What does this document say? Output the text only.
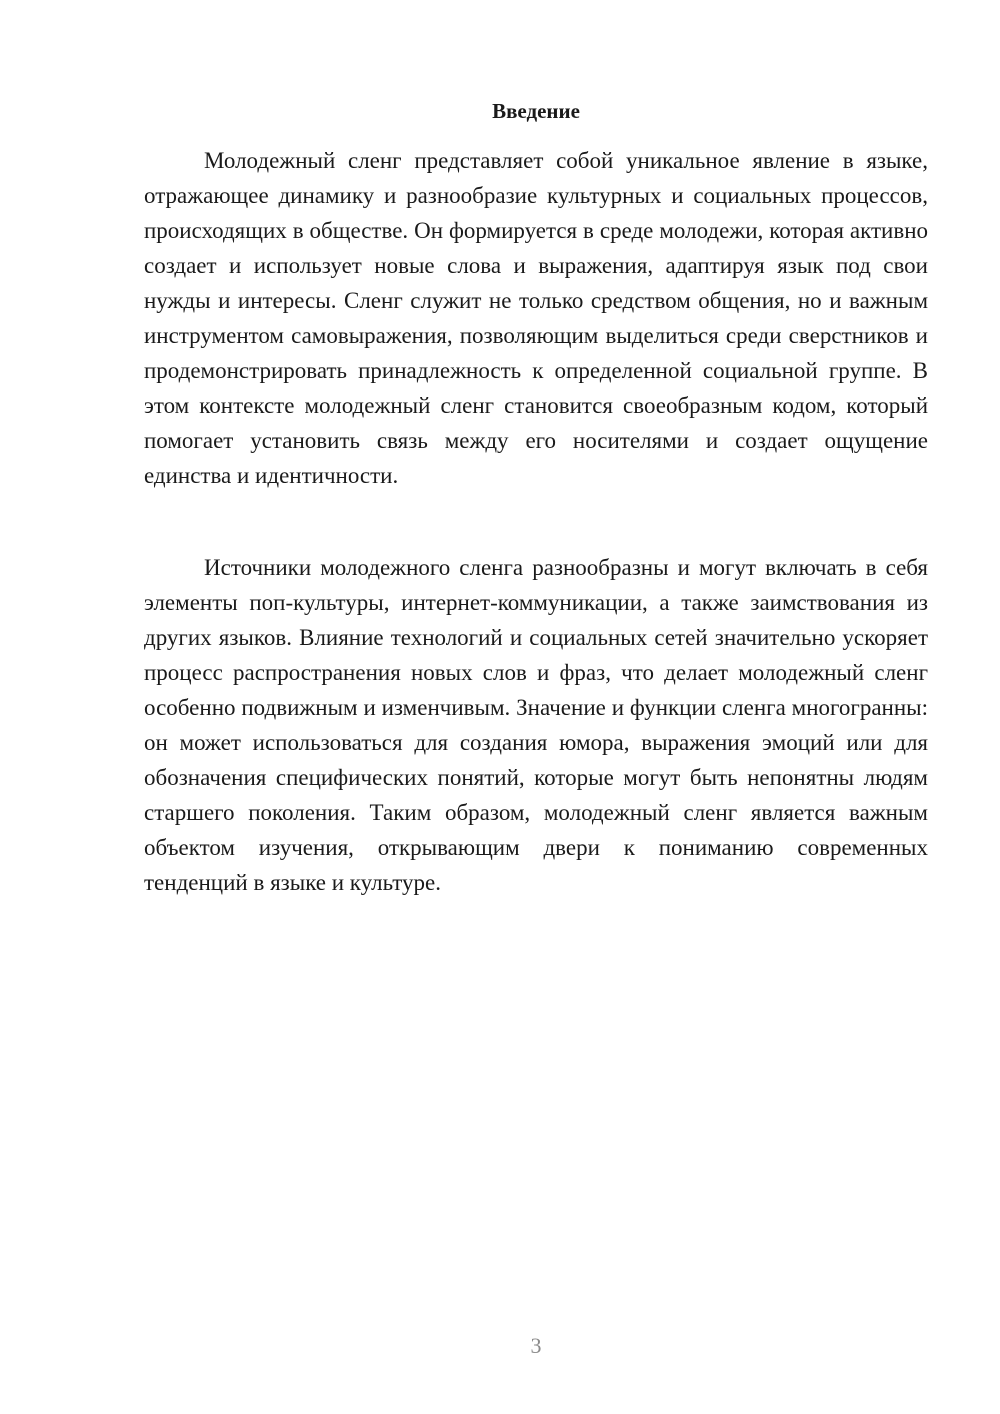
Введение

Молодежный сленг представляет собой уникальное явление в языке, отражающее динамику и разнообразие культурных и социальных процессов, происходящих в обществе. Он формируется в среде молодежи, которая активно создает и использует новые слова и выражения, адаптируя язык под свои нужды и интересы. Сленг служит не только средством общения, но и важным инструментом самовыражения, позволяющим выделиться среди сверстников и продемонстрировать принадлежность к определенной социальной группе. В этом контексте молодежный сленг становится своеобразным кодом, который помогает установить связь между его носителями и создает ощущение единства и идентичности.

Источники молодежного сленга разнообразны и могут включать в себя элементы поп-культуры, интернет-коммуникации, а также заимствования из других языков. Влияние технологий и социальных сетей значительно ускоряет процесс распространения новых слов и фраз, что делает молодежный сленг особенно подвижным и изменчивым. Значение и функции сленга многогранны: он может использоваться для создания юмора, выражения эмоций или для обозначения специфических понятий, которые могут быть непонятны людям старшего поколения. Таким образом, молодежный сленг является важным объектом изучения, открывающим двери к пониманию современных тенденций в языке и культуре.

3
